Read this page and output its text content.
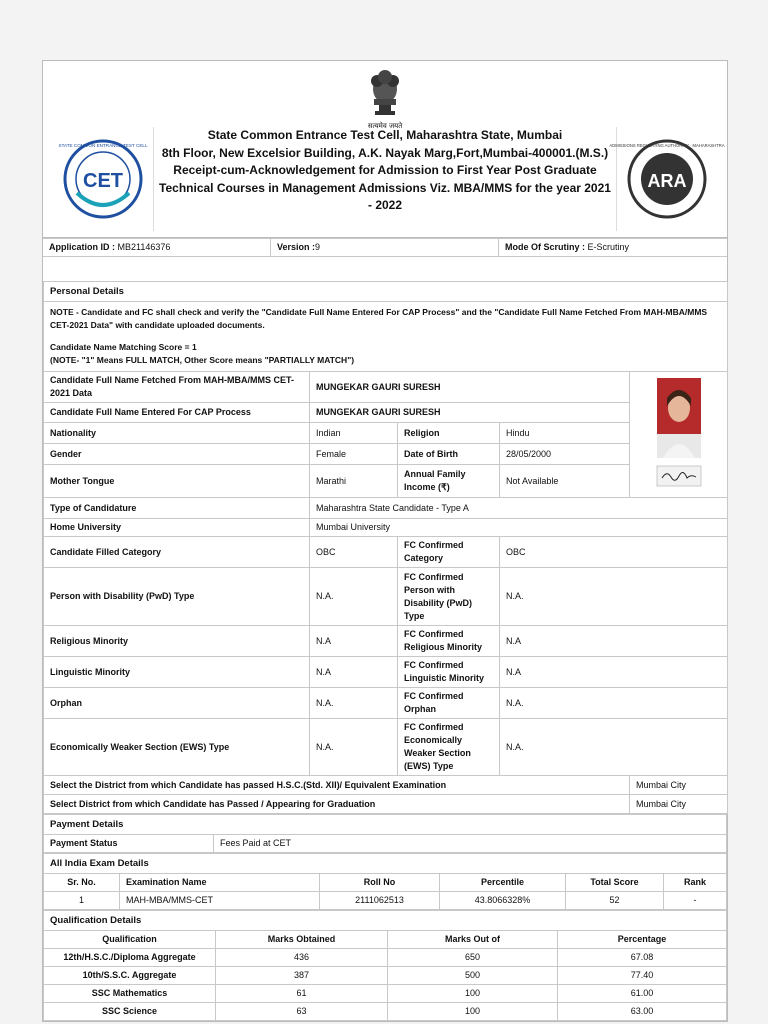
सत्यमेव जयते
CET
STATE COMMON ENTRANCE TEST CELL
State Common Entrance Test Cell, Maharashtra State, Mumbai
8th Floor, New Excelsior Building, A.K. Nayak Marg,Fort,Mumbai-400001.(M.S.)
Receipt-cum-Acknowledgement for Admission to First Year Post Graduate
Technical Courses in Management Admissions Viz. MBA/MMS for the year 2021
- 2022
ARA
ADMISSIONS REGULATING AUTHORITY · MAHARASHTRA
Application ID : MB21146376	Version :9	Mode Of Scrutiny : E-Scrutiny
Personal Details				

NOTE - Candidate and FC shall check and verify the "Candidate Full Name Entered For CAP Process" and the "Candidate Full Name Fetched From MAH-MBA/MMS CET-2021 Data" with candidate uploaded documents.
Candidate Name Matching Score = 1
(NOTE- "1" Means FULL MATCH, Other Score means "PARTIALLY MATCH")				

Candidate Full Name Fetched From MAH-MBA/MMS CET-2021 Data	MUNGEKAR GAURI SURESH	
Candidate Full Name Entered For CAP Process	MUNGEKAR GAURI SURESH			
Nationality	Indian	Religion	Hindu	
Gender	Female	Date of Birth	28/05/2000	
Mother Tongue	Marathi	Annual Family Income (₹)	Not Available	
Type of Candidature	Maharashtra State Candidate - Type A			
Home University	Mumbai University			
Candidate Filled Category	OBC	FC Confirmed Category	OBC	
Person with Disability (PwD) Type	N.A.	FC Confirmed Person with Disability (PwD) Type	N.A.	
Religious Minority	N.A	FC Confirmed Religious Minority	N.A	
Linguistic Minority	N.A	FC Confirmed Linguistic Minority	N.A	
Orphan	N.A.	FC Confirmed Orphan	N.A.	
Economically Weaker Section (EWS) Type	N.A.	FC Confirmed Economically Weaker Section (EWS) Type	N.A.	
Select the District from which Candidate has passed H.S.C.(Std. XII)/ Equivalent Examination				Mumbai City
Select District from which Candidate has Passed / Appearing for Graduation				Mumbai City
Payment Details
Payment Status	Fees Paid at CET
All India Exam Details					
Sr. No.	Examination Name	Roll No	Percentile	Total Score	Rank
1	MAH-MBA/MMS-CET	2111062513	43.8066328%	52	-
Qualification Details			
Qualification	Marks Obtained	Marks Out of	Percentage
12th/H.S.C./Diploma Aggregate	436	650	67.08
10th/S.S.C. Aggregate	387	500	77.40
SSC Mathematics	61	100	61.00
SSC Science	63	100	63.00
